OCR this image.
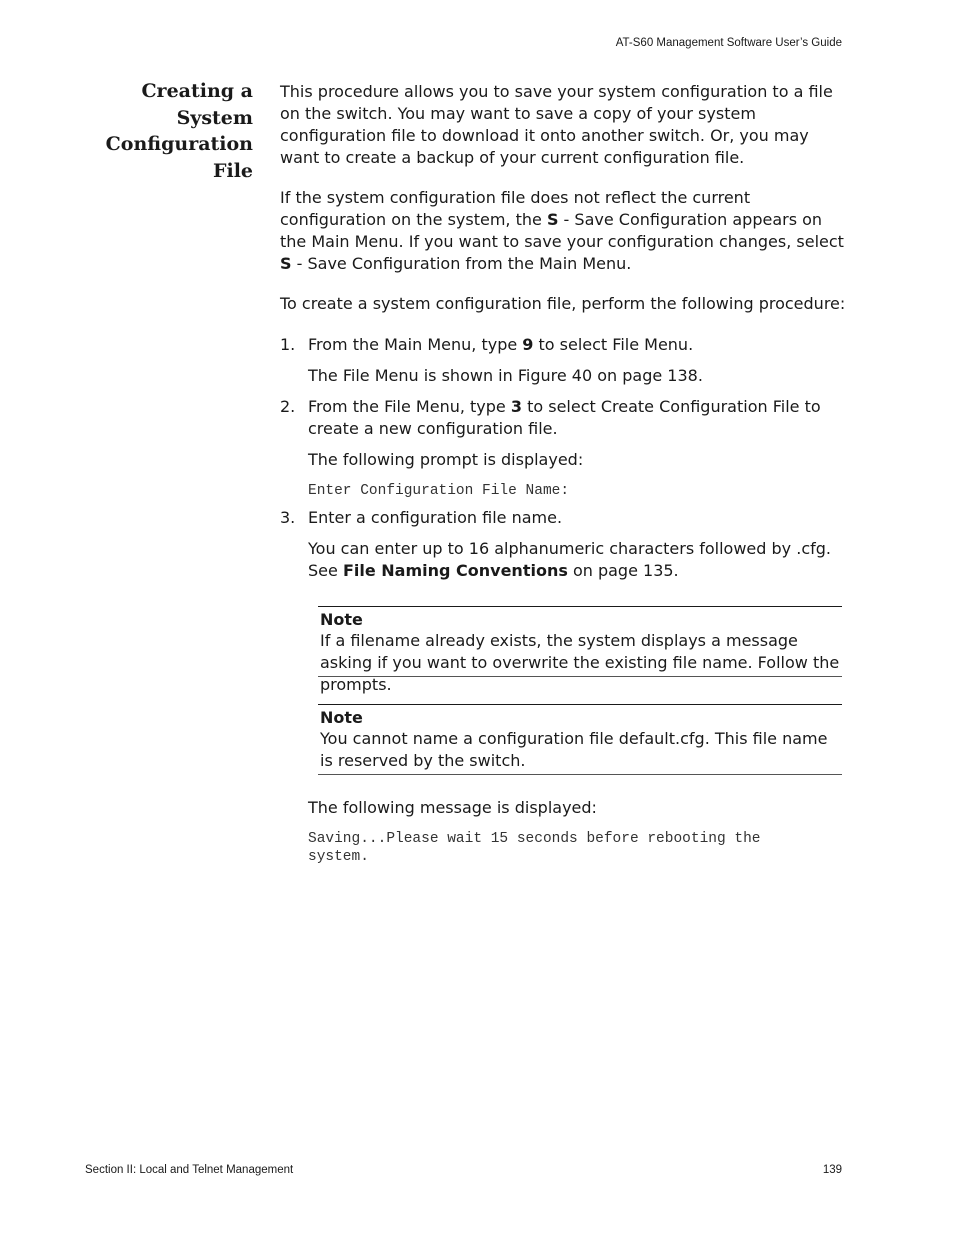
AT-S60 Management Software User’s Guide
Creating a
System
Configuration
File

This procedure allows you to save your system configuration to a file on the switch. You may want to save a copy of your system configuration file to download it onto another switch. Or, you may want to create a backup of your current configuration file.

If the system configuration file does not reflect the current configuration on the system, the S - Save Configuration appears on the Main Menu. If you want to save your configuration changes, select S - Save Configuration from the Main Menu.

To create a system configuration file, perform the following procedure:

1. From the Main Menu, type 9 to select File Menu.

The File Menu is shown in Figure 40 on page 138.

2. From the File Menu, type 3 to select Create Configuration File to create a new configuration file.

The following prompt is displayed:

Enter Configuration File Name:
3. Enter a configuration file name.

You can enter up to 16 alphanumeric characters followed by .cfg. See File Naming Conventions on page 135.

Note

If a filename already exists, the system displays a message asking if you want to overwrite the existing file name. Follow the prompts.

Note

You cannot name a configuration file default.cfg. This file name is reserved by the switch.

The following message is displayed:

Saving...Please wait 15 seconds before rebooting the system.
Section II: Local and Telnet Management	139
